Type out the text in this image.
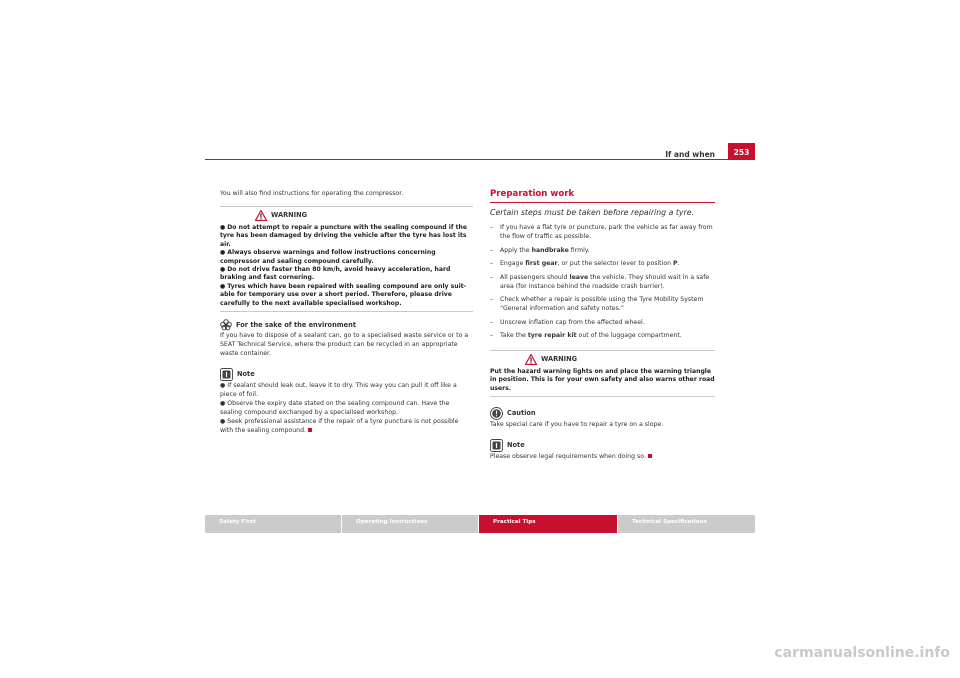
If and when	253

You will also find instructions for operating the compressor.

WARNING
● Do not attempt to repair a puncture with the sealing compound if the tyre has been damaged by driving the vehicle after the tyre has lost its air.
● Always observe warnings and follow instructions concerning compressor and sealing compound carefully.
● Do not drive faster than 80 km/h, avoid heavy acceleration, hard braking and fast cornering.
● Tyres which have been repaired with sealing compound are only suit-able for temporary use over a short period. Therefore, please drive carefully to the next available specialised workshop.
For the sake of the environment

If you have to dispose of a sealant can, go to a specialised waste service or to a SEAT Technical Service, where the product can be recycled in an appropriate waste container.

Note
● If sealant should leak out, leave it to dry. This way you can pull it off like a piece of foil.
● Observe the expiry date stated on the sealing compound can. Have the sealing compound exchanged by a specialised workshop.
● Seek professional assistance if the repair of a tyre puncture is not possible with the sealing compound.
Preparation work
Certain steps must be taken before repairing a tyre.
–	If you have a flat tyre or puncture, park the vehicle as far away from the flow of traffic as possible.
–	Apply the handbrake firmly.
–	Engage first gear, or put the selector lever to position P.
–	All passengers should leave the vehicle. They should wait in a safe area (for instance behind the roadside crash barrier).
–	Check whether a repair is possible using the Tyre Mobility System “General information and safety notes.”
–	Unscrew inflation cap from the affected wheel.
–	Take the tyre repair kit out of the luggage compartment.
WARNING
Put the hazard warning lights on and place the warning triangle in position. This is for your own safety and also warns other road users.
Caution

Take special care if you have to repair a tyre on a slope.

Note

Please observe legal requirements when doing so.

Safety First	Operating Instructions	Practical Tips	Technical Specifications
carmanualsonline.info
